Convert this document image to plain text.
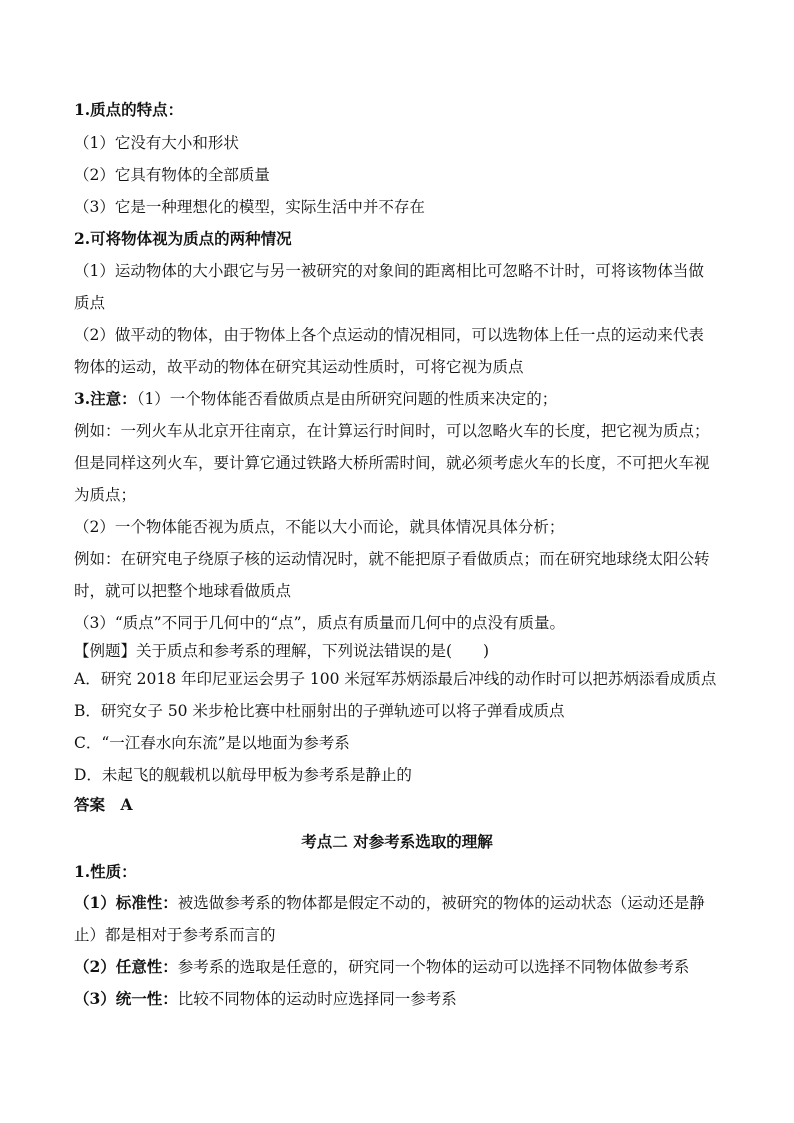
1.质点的特点：
（1）它没有大小和形状
（2）它具有物体的全部质量
（3）它是一种理想化的模型，实际生活中并不存在
2.可将物体视为质点的两种情况
（1）运动物体的大小跟它与另一被研究的对象间的距离相比可忽略不计时，可将该物体当做
质点
（2）做平动的物体，由于物体上各个点运动的情况相同，可以选物体上任一点的运动来代表
物体的运动，故平动的物体在研究其运动性质时，可将它视为质点
3.注意：（1）一个物体能否看做质点是由所研究问题的性质来决定的；
例如：一列火车从北京开往南京，在计算运行时间时，可以忽略火车的长度，把它视为质点；
但是同样这列火车，要计算它通过铁路大桥所需时间，就必须考虑火车的长度，不可把火车视
为质点；
（2）一个物体能否视为质点，不能以大小而论，就具体情况具体分析；
例如：在研究电子绕原子核的运动情况时，就不能把原子看做质点；而在研究地球绕太阳公转
时，就可以把整个地球看做质点
（3）“质点”不同于几何中的“点”，质点有质量而几何中的点没有质量。
【例题】关于质点和参考系的理解，下列说法错误的是(　　)
A．研究 2018 年印尼亚运会男子 100 米冠军苏炳添最后冲线的动作时可以把苏炳添看成质点
B．研究女子 50 米步枪比赛中杜丽射出的子弹轨迹可以将子弹看成质点
C．“一江春水向东流”是以地面为参考系
D．未起飞的舰载机以航母甲板为参考系是静止的
答案　A
考点二 对参考系选取的理解
1.性质：
（1）标准性：被选做参考系的物体都是假定不动的，被研究的物体的运动状态（运动还是静
止）都是相对于参考系而言的
（2）任意性：参考系的选取是任意的，研究同一个物体的运动可以选择不同物体做参考系
（3）统一性：比较不同物体的运动时应选择同一参考系
